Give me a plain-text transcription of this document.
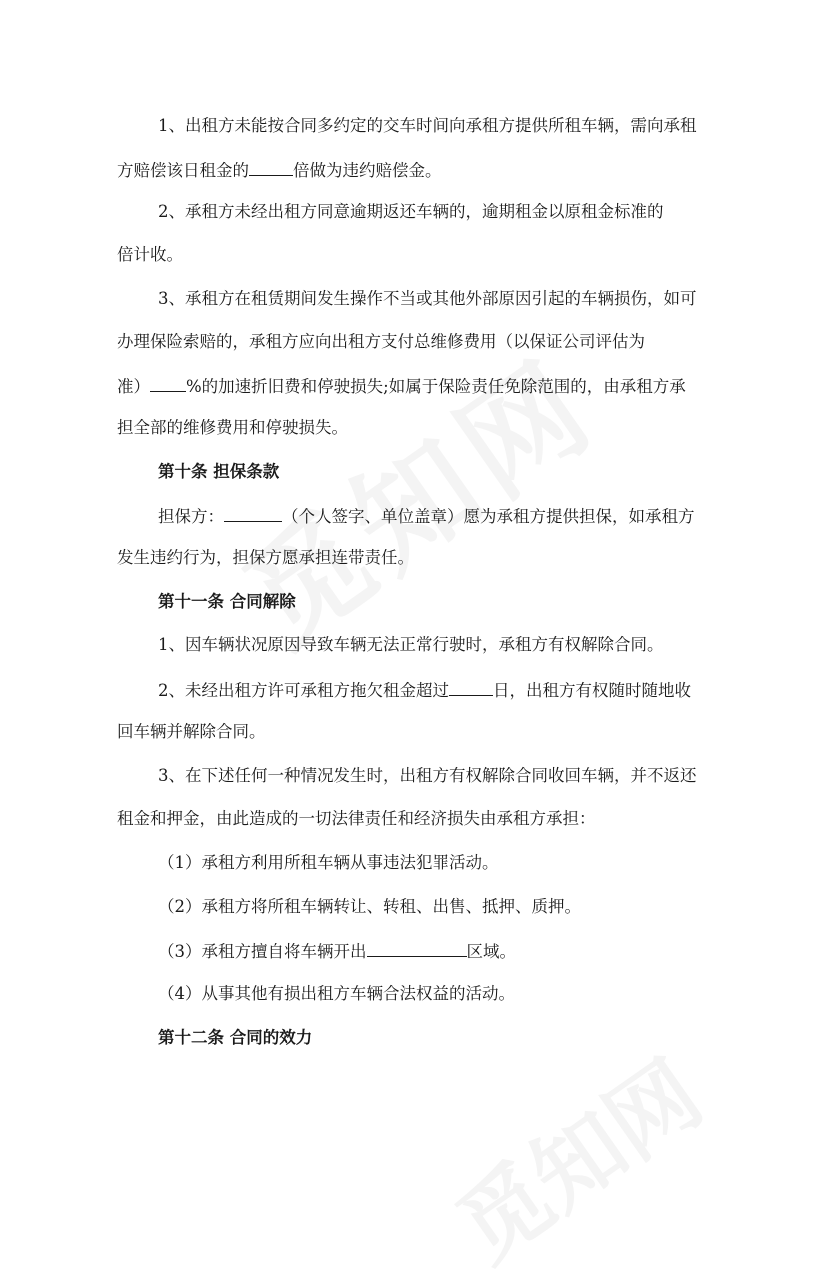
1、出租方未能按合同多约定的交车时间向承租方提供所租车辆，需向承租
方赔偿该日租金的	倍做为违约赔偿金。
2、承租方未经出租方同意逾期返还车辆的，逾期租金以原租金标准的
倍计收。
3、承租方在租赁期间发生操作不当或其他外部原因引起的车辆损伤，如可
办理保险索赔的，承租方应向出租方支付总维修费用（以保证公司评估为
准） %的加速折旧费和停驶损失;如属于保险责任免除范围的，由承租方承
担全部的维修费用和停驶损失。
第十条 担保条款
担保方：	（个人签字、单位盖章）愿为承租方提供担保，如承租方
发生违约行为，担保方愿承担连带责任。
第十一条 合同解除
1、因车辆状况原因导致车辆无法正常行驶时，承租方有权解除合同。
2、未经出租方许可承租方拖欠租金超过	日，出租方有权随时随地收
回车辆并解除合同。
3、在下述任何一种情况发生时，出租方有权解除合同收回车辆，并不返还
租金和押金，由此造成的一切法律责任和经济损失由承租方承担：
（1）承租方利用所租车辆从事违法犯罪活动。
（2）承租方将所租车辆转让、转租、出售、抵押、质押。
（3）承租方擅自将车辆开出	区域。
（4）从事其他有损出租方车辆合法权益的活动。
第十二条 合同的效力
